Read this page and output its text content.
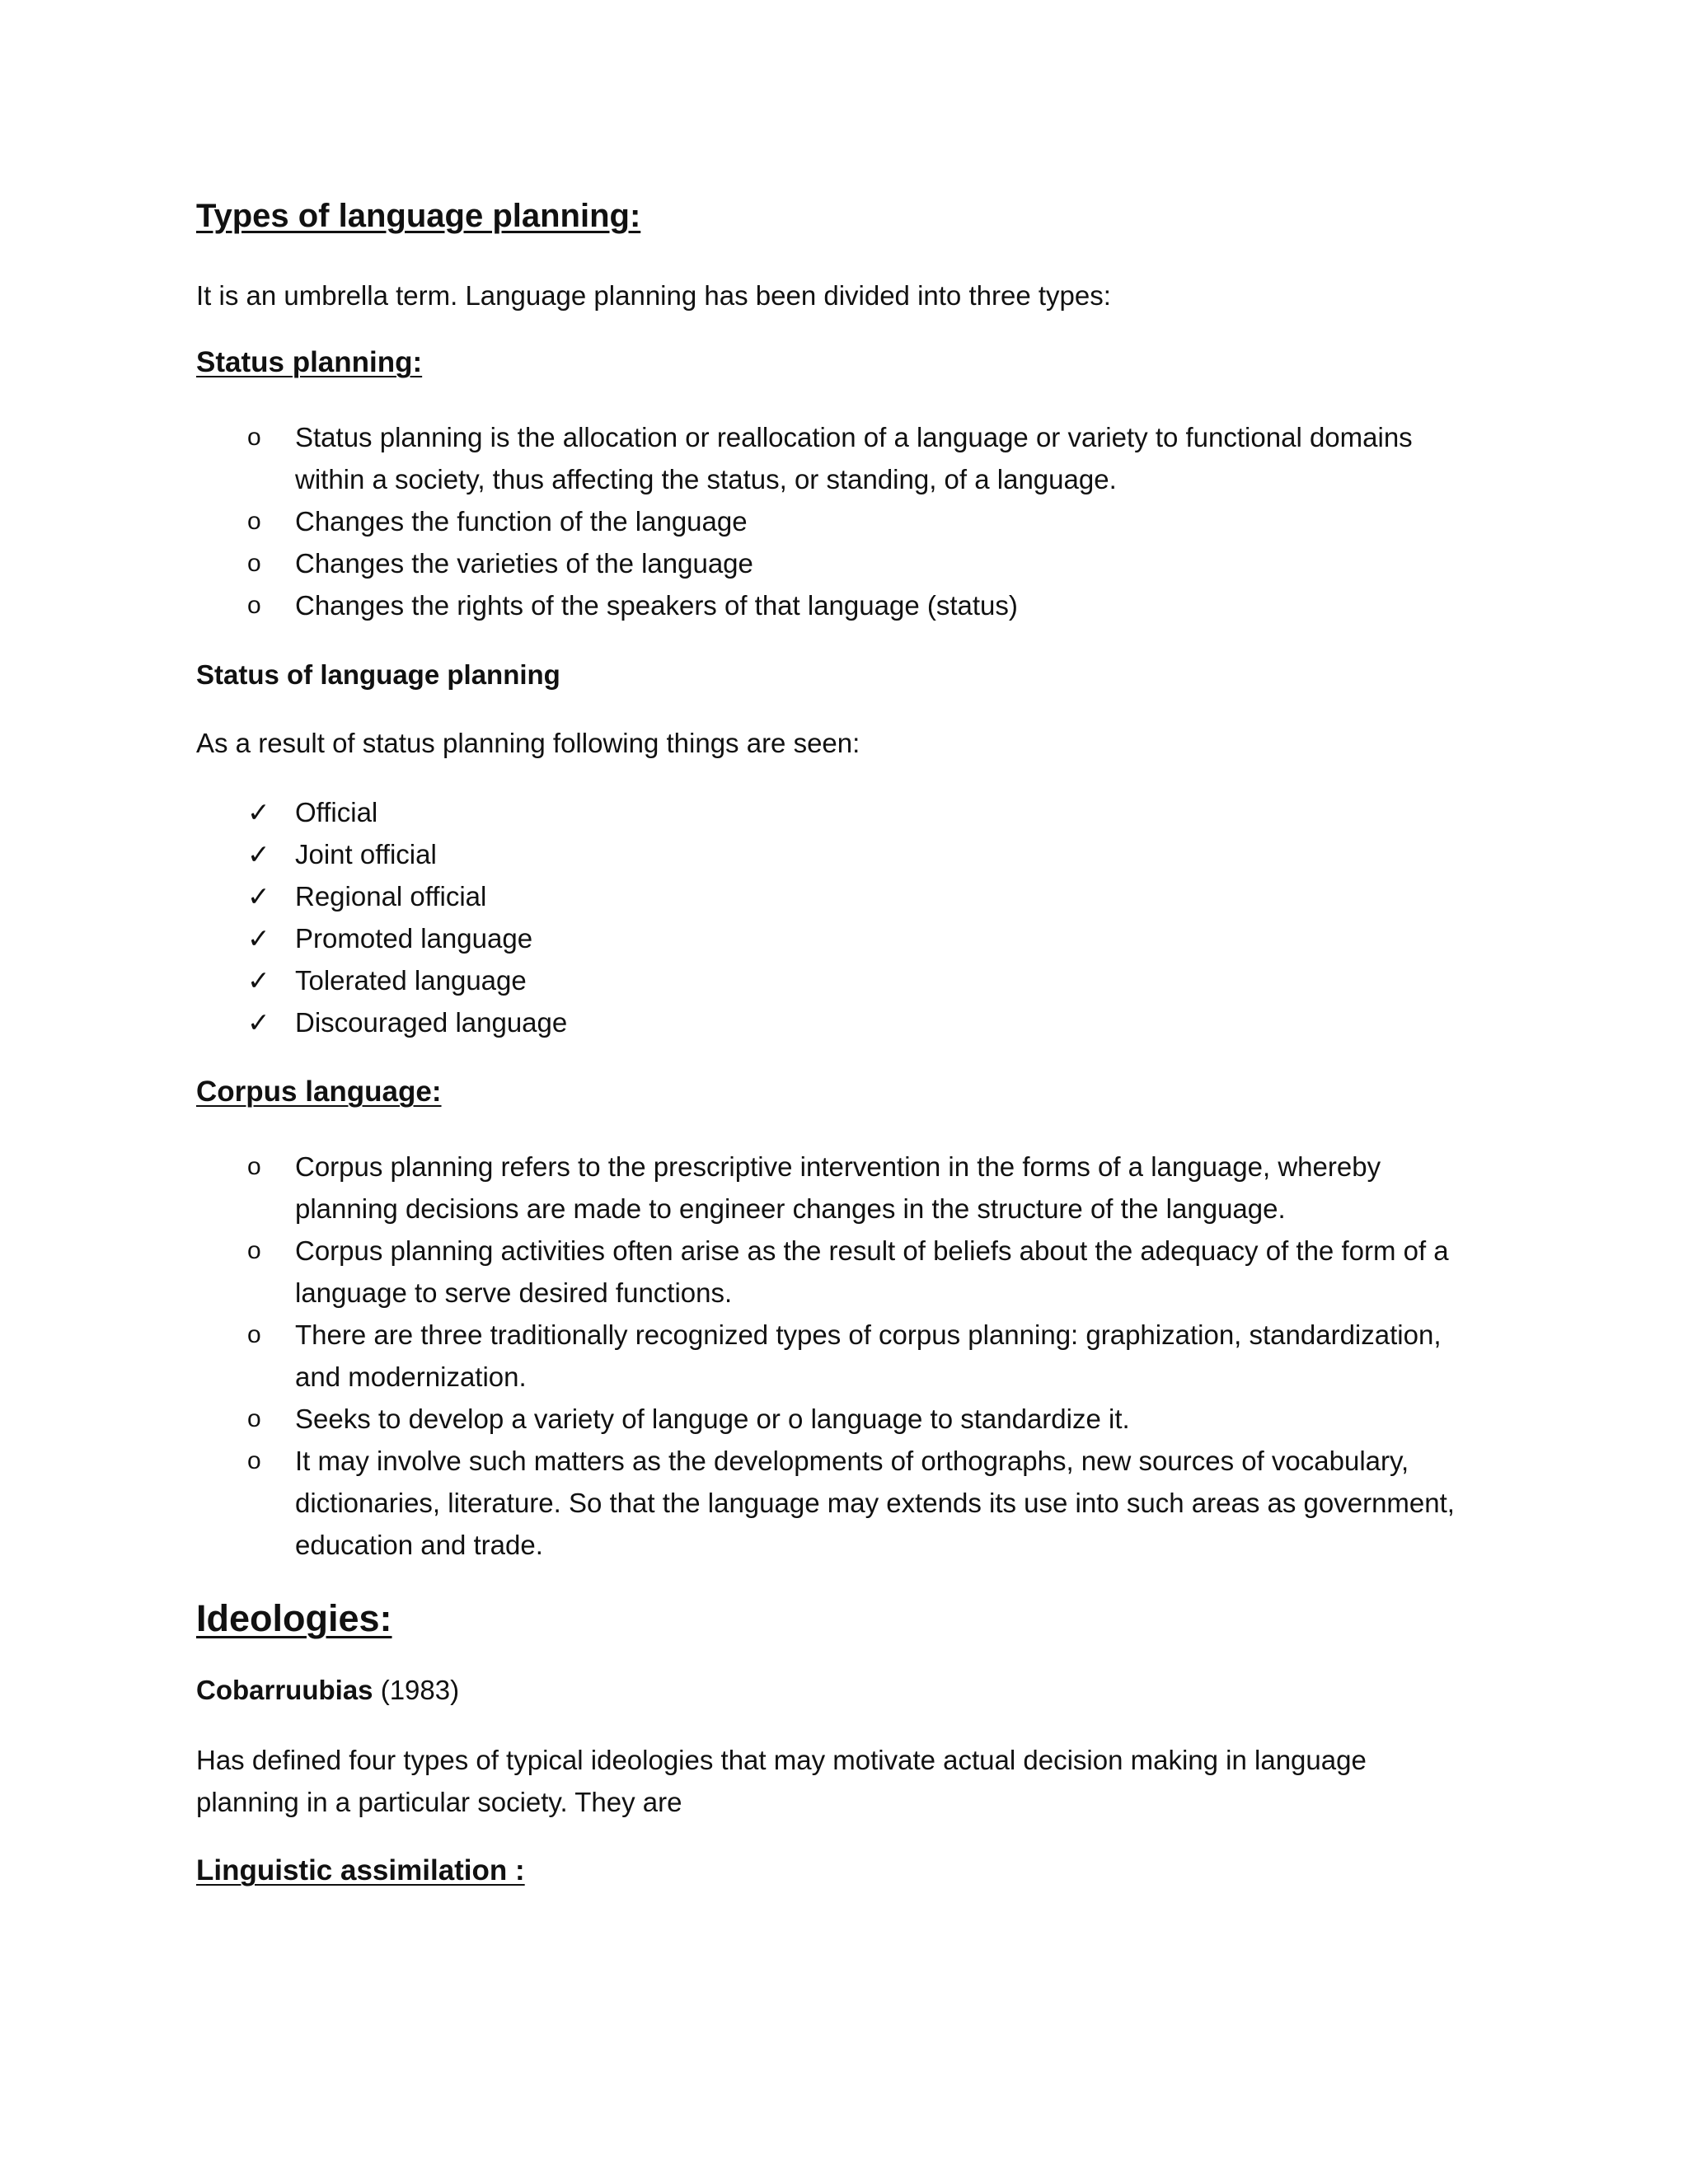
Types of language planning:
It is an umbrella term. Language planning has been divided into three types:
Status planning:
o Status planning is the allocation or reallocation of a language or variety to functional domains within a society, thus affecting the status, or standing, of a language.
o Changes the function of the language
o Changes the varieties of the language
o Changes the rights of the speakers of that language (status)
Status of language planning
As a result of status planning following things are seen:
✓ Official
✓ Joint official
✓ Regional official
✓ Promoted language
✓ Tolerated language
✓ Discouraged language
Corpus language:
o Corpus planning refers to the prescriptive intervention in the forms of a language, whereby planning decisions are made to engineer changes in the structure of the language.
o Corpus planning activities often arise as the result of beliefs about the adequacy of the form of a language to serve desired functions.
o There are three traditionally recognized types of corpus planning: graphization, standardization, and modernization.
o Seeks to develop a variety of languge or o language to standardize it.
o It may involve such matters as the developments of orthographs, new sources of vocabulary, dictionaries, literature. So that the language may extends its use into such areas as government, education and trade.
Ideologies:
Cobarruubias (1983)
Has defined four types of typical ideologies that may motivate actual decision making in language planning in a particular society. They are
Linguistic assimilation :
